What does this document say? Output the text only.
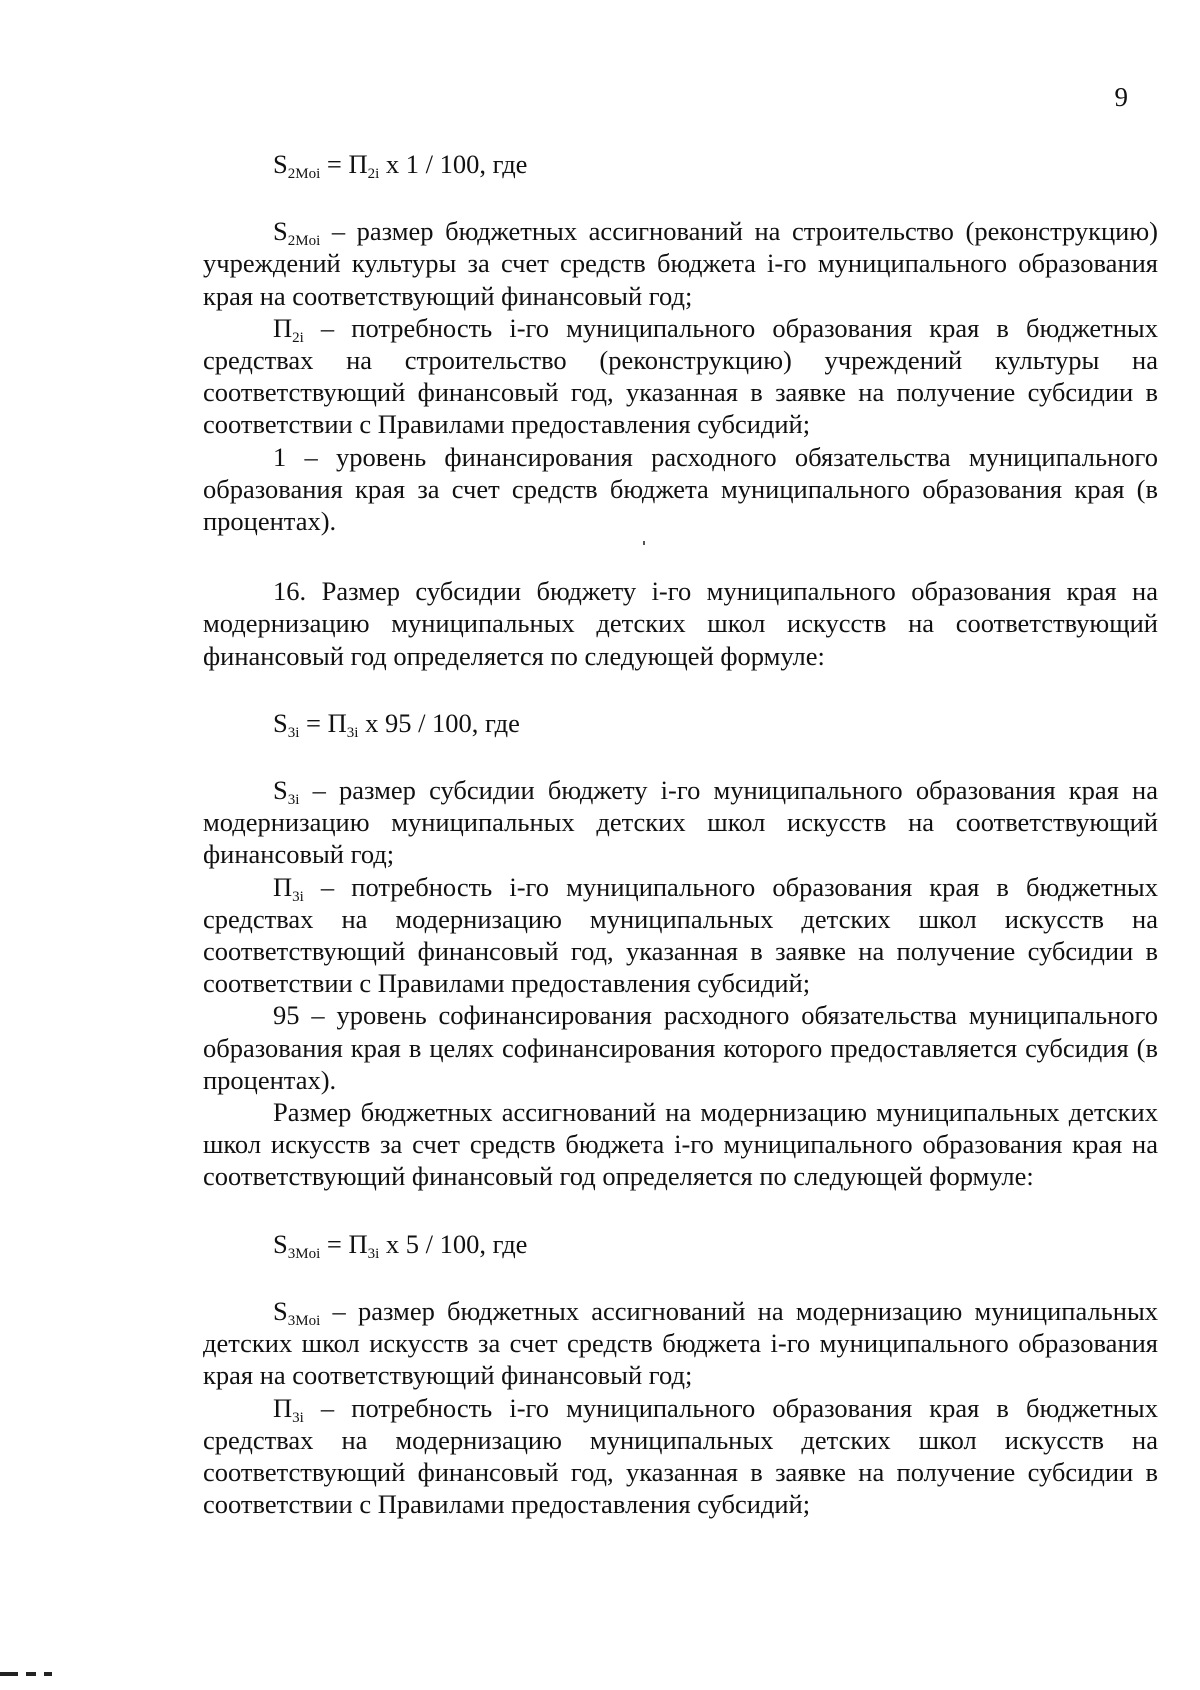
9
$S_{2Moi} = П_{2i}$ х 1 / 100, где

$S_{2Moi}$ – размер бюджетных ассигнований на строительство (реконструкцию) учреждений культуры за счет средств бюджета i-го муниципального образования края на соответствующий финансовый год;

$П_{2i}$ – потребность i-го муниципального образования края в бюджетных средствах на строительство (реконструкцию) учреждений культуры на соответствующий финансовый год, указанная в заявке на получение субсидии в соответствии с Правилами предоставления субсидий;

1 – уровень финансирования расходного обязательства муниципального образования края за счет средств бюджета муниципального образования края (в процентах).

16. Размер субсидии бюджету i-го муниципального образования края на модернизацию муниципальных детских школ искусств на соответствующий финансовый год определяется по следующей формуле:

$S_{3i} = П_{3i}$ х 95 / 100, где

$S_{3i}$ – размер субсидии бюджету i-го муниципального образования края на модернизацию муниципальных детских школ искусств на соответствующий финансовый год;

$П_{3i}$ – потребность i-го муниципального образования края в бюджетных средствах на модернизацию муниципальных детских школ искусств на соответствующий финансовый год, указанная в заявке на получение субсидии в соответствии с Правилами предоставления субсидий;

95 – уровень софинансирования расходного обязательства муниципального образования края в целях софинансирования которого предоставляется субсидия (в процентах).

Размер бюджетных ассигнований на модернизацию муниципальных детских школ искусств за счет средств бюджета i-го муниципального образования края на соответствующий финансовый год определяется по следующей формуле:

$S_{3Moi} = П_{3i}$ х 5 / 100, где

$S_{3Moi}$ – размер бюджетных ассигнований на модернизацию муниципальных детских школ искусств за счет средств бюджета i-го муниципального образования края на соответствующий финансовый год;

$П_{3i}$ – потребность i-го муниципального образования края в бюджетных средствах на модернизацию муниципальных детских школ искусств на соответствующий финансовый год, указанная в заявке на получение субсидии в соответствии с Правилами предоставления субсидий;
